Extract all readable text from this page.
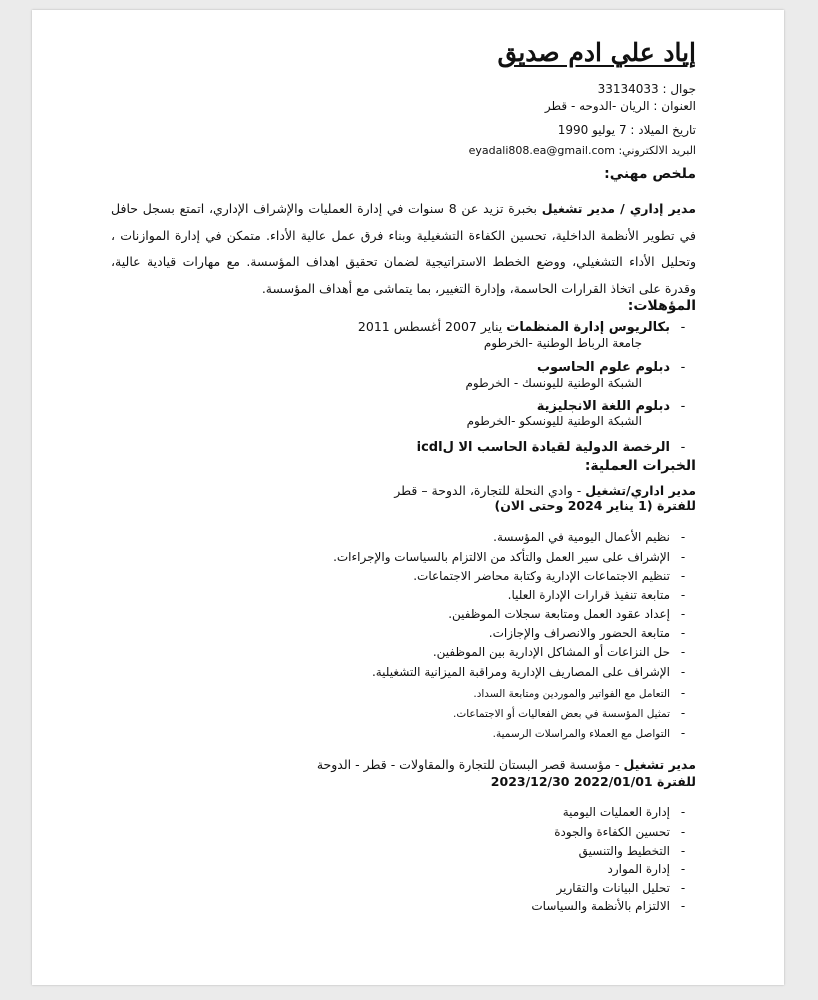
إياد علي ادم صديق
جوال : 33134033
العنوان : الريان -الدوحه - قطر
تاريخ الميلاد : 7 يوليو 1990
البريد الالكتروني: eyadali808.ea@gmail.com
ملخص مهني:
مدير إداري / مدير تشغيل بخبرة تزيد عن 8 سنوات في إدارة العمليات والإشراف الإداري، اتمتع بسجل حافل في تطوير الأنظمة الداخلية، تحسين الكفاءة التشغيلية وبناء فرق عمل عالية الأداء. متمكن في إدارة الموازنات ، وتحليل الأداء التشغيلي، ووضع الخطط الاستراتيجية لضمان تحقيق اهداف المؤسسة. مع مهارات قيادية عالية، وقدرة على اتخاذ القرارات الحاسمة، وإدارة التغيير، بما يتماشى مع أهداف المؤسسة.
المؤهلات:
-بكالريوس إدارة المنظمات يناير 2007 أغسطس 2011
جامعة الرباط الوطنية -الخرطوم
-دبلوم علوم الحاسوب
الشبكة الوطنية لليونسك - الخرطوم
-دبلوم اللغة الانجليزية
الشبكة الوطنية لليونسكو -الخرطوم
-الرخصة الدولية لقيادة الحاسب الا لicdl
الخبرات العملية:
مدير اداري/تشغيل - وادي النحلة للتجارة، الدوحة – قطر
للفترة (1 يناير 2024 وحتى الان)
-نظيم الأعمال اليومية في المؤسسة.
-الإشراف على سير العمل والتأكد من الالتزام بالسياسات والإجراءات.
-تنظيم الاجتماعات الإدارية وكتابة محاضر الاجتماعات.
-متابعة تنفيذ قرارات الإدارة العليا.
-إعداد عقود العمل ومتابعة سجلات الموظفين.
-متابعة الحضور والانصراف والإجازات.
-حل النزاعات أو المشاكل الإدارية بين الموظفين.
-الإشراف على المصاريف الإدارية ومراقبة الميزانية التشغيلية.
-التعامل مع الفواتير والموردين ومتابعة السداد.
-تمثيل المؤسسة في بعض الفعاليات أو الاجتماعات.
-التواصل مع العملاء والمراسلات الرسمية.
مدير تشغيل - مؤسسة قصر البستان للتجارة والمقاولات - قطر - الدوحة
للفترة 2022/01/01 2023/12/30
-إدارة العمليات اليومية
-تحسين الكفاءة والجودة
-التخطيط والتنسيق
-إدارة الموارد
-تحليل البيانات والتقارير
-الالتزام بالأنظمة والسياسات
